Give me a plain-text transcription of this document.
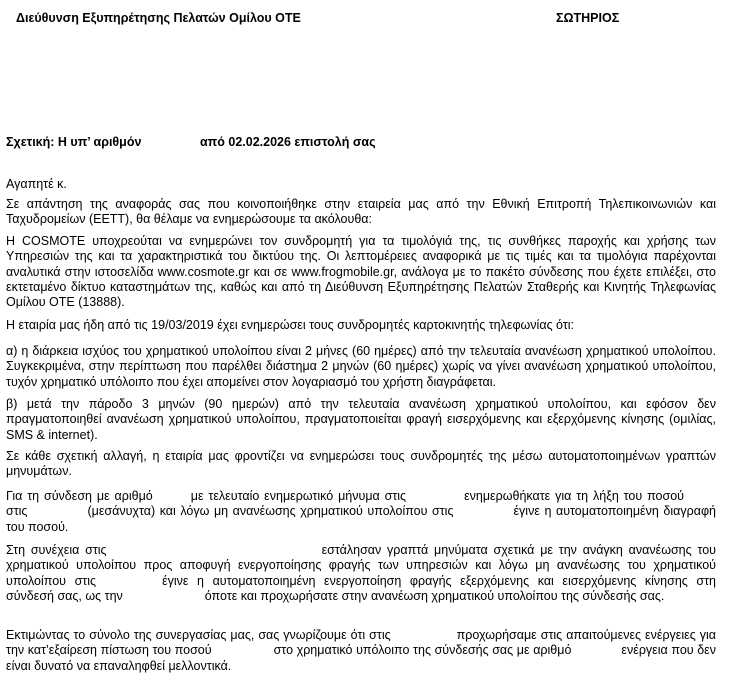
Διεύθυνση Εξυπηρέτησης Πελατών Ομίλου ΟΤΕ	ΣΩΤΗΡΙΟΣ
Σχετική: Η υπ’ αριθμόν	από 02.02.2026 επιστολή σας
Αγαπητέ κ.
Σε απάντηση της αναφοράς σας που κοινοποιήθηκε στην εταιρεία μας από την Εθνική Επιτροπή Τηλεπικοινωνιών και Ταχυδρομείων (ΕΕΤΤ), θα θέλαμε να ενημερώσουμε τα ακόλουθα:
Η COSMOTE υποχρεούται να ενημερώνει τον συνδρομητή για τα τιμολόγιά της, τις συνθήκες παροχής και χρήσης των Υπηρεσιών της και τα χαρακτηριστικά του δικτύου της. Οι λεπτομέρειες αναφορικά με τις τιμές και τα τιμολόγια παρέχονται αναλυτικά στην ιστοσελίδα www.cosmote.gr και σε www.frogmobile.gr, ανάλογα με το πακέτο σύνδεσης που έχετε επιλέξει, στο εκτεταμένο δίκτυο καταστημάτων της, καθώς και από τη Διεύθυνση Εξυπηρέτησης Πελατών Σταθερής και Κινητής Τηλεφωνίας Ομίλου ΟΤΕ (13888).
Η εταιρία μας ήδη από τις 19/03/2019 έχει ενημερώσει τους συνδρομητές καρτοκινητής τηλεφωνίας ότι:
α) η διάρκεια ισχύος του χρηματικού υπολοίπου είναι 2 μήνες (60 ημέρες) από την τελευταία ανανέωση χρηματικού υπολοίπου. Συγκεκριμένα, στην περίπτωση που παρέλθει διάστημα 2 μηνών (60 ημέρες) χωρίς να γίνει ανανέωση χρηματικού υπολοίπου, τυχόν χρηματικό υπόλοιπο που έχει απομείνει στον λογαριασμό του χρήστη διαγράφεται.
β) μετά την πάροδο 3 μηνών (90 ημερών) από την τελευταία ανανέωση χρηματικού υπολοίπου, και εφόσον δεν πραγματοποιηθεί ανανέωση χρηματικού υπολοίπου, πραγματοποιείται φραγή εισερχόμενης και εξερχόμενης κίνησης (ομιλίας, SMS & internet).
Σε κάθε σχετική αλλαγή, η εταιρία μας φροντίζει να ενημερώσει τους συνδρομητές της μέσω αυτοματοποιημένων γραπτών μηνυμάτων.
Για τη σύνδεση με αριθμό	με τελευταίο ενημερωτικό μήνυμα στις	ενημερωθήκατε για τη λήξη του ποσούστις	(μεσάνυχτα) και λόγω μη ανανέωσης χρηματικού υπολοίπου στις	έγινε η αυτοματοποιημένη διαγραφή του ποσού.
Στη συνέχεια στις	εστάλησαν γραπτά μηνύματα σχετικά με την ανάγκη ανανέωσης του χρηματικού υπολοίπου προς αποφυγή ενεργοποίησης φραγής των υπηρεσιών και λόγω μη ανανέωσης του χρηματικού υπολοίπου στις	έγινε η αυτοματοποιημένη ενεργοποίηση φραγής εξερχόμενης και εισερχόμενης κίνησης στη σύνδεσή σας, ως την	όποτε και προχωρήσατε στην ανανέωση χρηματικού υπολοίπου της σύνδεσής σας.
Εκτιμώντας το σύνολο της συνεργασίας μας, σας γνωρίζουμε ότι στις	προχωρήσαμε στις απαιτούμενες ενέργειες για την κατ’εξαίρεση πίστωση του ποσού	στο χρηματικό υπόλοιπο της σύνδεσής σας με αριθμό	ενέργεια που δεν είναι δυνατό να επαναληφθεί μελλοντικά.
